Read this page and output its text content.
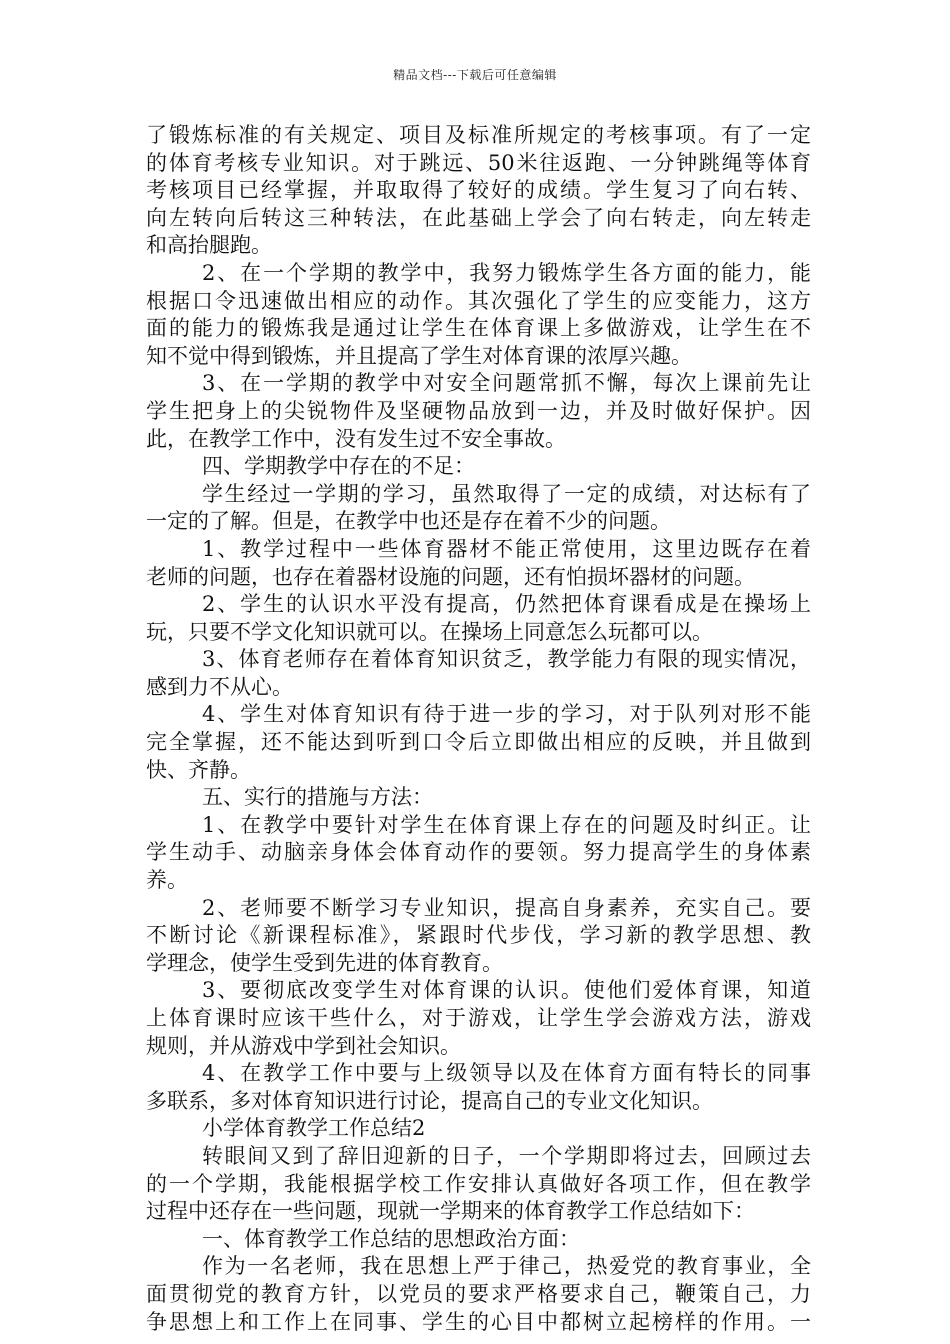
精品文档---下载后可任意编辑
了锻炼标准的有关规定、项目及标准所规定的考核事项。有了一定
的体育考核专业知识。对于跳远、50米往返跑、一分钟跳绳等体育
考核项目已经掌握，并取取得了较好的成绩。学生复习了向右转、
向左转向后转这三种转法，在此基础上学会了向右转走，向左转走
和高抬腿跑。
2、在一个学期的教学中，我努力锻炼学生各方面的能力，能
根据口令迅速做出相应的动作。其次强化了学生的应变能力，这方
面的能力的锻炼我是通过让学生在体育课上多做游戏，让学生在不
知不觉中得到锻炼，并且提高了学生对体育课的浓厚兴趣。
3、在一学期的教学中对安全问题常抓不懈，每次上课前先让
学生把身上的尖锐物件及坚硬物品放到一边，并及时做好保护。因
此，在教学工作中，没有发生过不安全事故。
四、学期教学中存在的不足：
学生经过一学期的学习，虽然取得了一定的成绩，对达标有了
一定的了解。但是，在教学中也还是存在着不少的问题。
1、教学过程中一些体育器材不能正常使用，这里边既存在着
老师的问题，也存在着器材设施的问题，还有怕损坏器材的问题。
2、学生的认识水平没有提高，仍然把体育课看成是在操场上
玩，只要不学文化知识就可以。在操场上同意怎么玩都可以。
3、体育老师存在着体育知识贫乏，教学能力有限的现实情况，
感到力不从心。
4、学生对体育知识有待于进一步的学习，对于队列对形不能
完全掌握，还不能达到听到口令后立即做出相应的反映，并且做到
快、齐静。
五、实行的措施与方法：
1、在教学中要针对学生在体育课上存在的问题及时纠正。让
学生动手、动脑亲身体会体育动作的要领。努力提高学生的身体素
养。
2、老师要不断学习专业知识，提高自身素养，充实自己。要
不断讨论《新课程标准》，紧跟时代步伐，学习新的教学思想、教
学理念，使学生受到先进的体育教育。
3、要彻底改变学生对体育课的认识。使他们爱体育课，知道
上体育课时应该干些什么，对于游戏，让学生学会游戏方法，游戏
规则，并从游戏中学到社会知识。
4、在教学工作中要与上级领导以及在体育方面有特长的同事
多联系，多对体育知识进行讨论，提高自己的专业文化知识。
小学体育教学工作总结2
转眼间又到了辞旧迎新的日子，一个学期即将过去，回顾过去
的一个学期，我能根据学校工作安排认真做好各项工作，但在教学
过程中还存在一些问题，现就一学期来的体育教学工作总结如下：
一、体育教学工作总结的思想政治方面：
作为一名老师，我在思想上严于律己，热爱党的教育事业，全
面贯彻党的教育方针，以党员的要求严格要求自己，鞭策自己，力
争思想上和工作上在同事、学生的心目中都树立起榜样的作用。一
